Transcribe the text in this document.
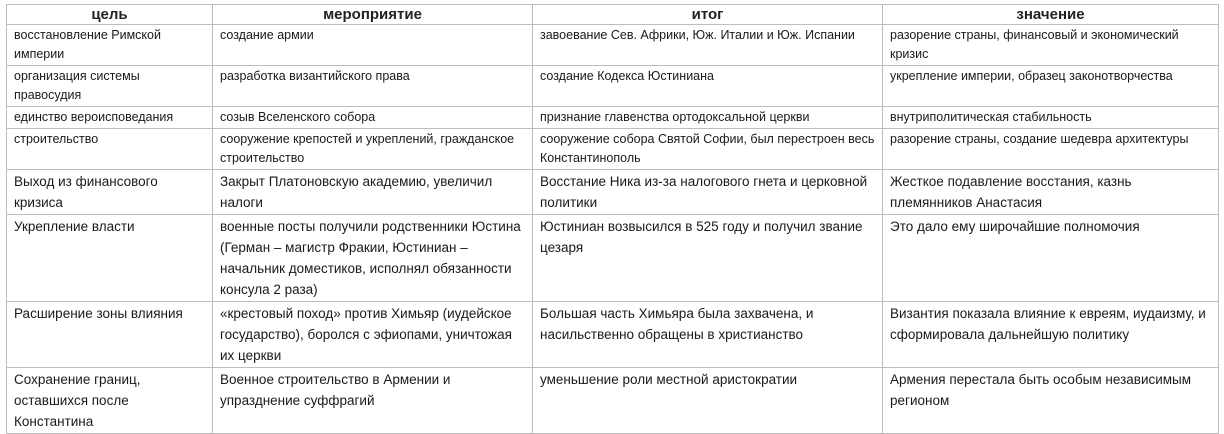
цель	мероприятие	итог	значение
восстановление Римской империи	создание армии	завоевание Сев. Африки, Юж. Италии и Юж. Испании	разорение страны, финансовый и экономический кризис
организация системы правосудия	разработка византийского права	создание Кодекса Юстиниана	укрепление империи, образец законотворчества
единство вероисповедания	созыв Вселенского собора	признание главенства ортодоксальной церкви	внутриполитическая стабильность
строительство	сооружение крепостей и укреплений, гражданское строительство	сооружение собора Святой Софии, был перестроен весь Константинополь	разорение страны, создание шедевра архитектуры
Выход из финансового кризиса	Закрыт Платоновскую академию, увеличил налоги	Восстание Ника из-за налогового гнета и церковной политики	Жесткое подавление восстания, казнь племянников Анастасия
Укрепление власти	военные посты получили родственники Юстина (Герман – магистр Фракии, Юстиниан – начальник доместиков, исполнял обязанности консула 2 раза)	Юстиниан возвысился в 525 году и получил звание цезаря	Это дало ему широчайшие полномочия
Расширение зоны влияния	«крестовый поход» против Химьяр (иудейское государство), боролся с эфиопами, уничтожая их церкви	Большая часть Химьяра была захвачена, и насильственно обращены в христианство	Византия показала влияние к евреям, иудаизму, и сформировала дальнейшую политику
Сохранение границ, оставшихся после Константина	Военное строительство в Армении и упразднение суффрагий	уменьшение роли местной аристократии	Армения перестала быть особым независимым регионом
